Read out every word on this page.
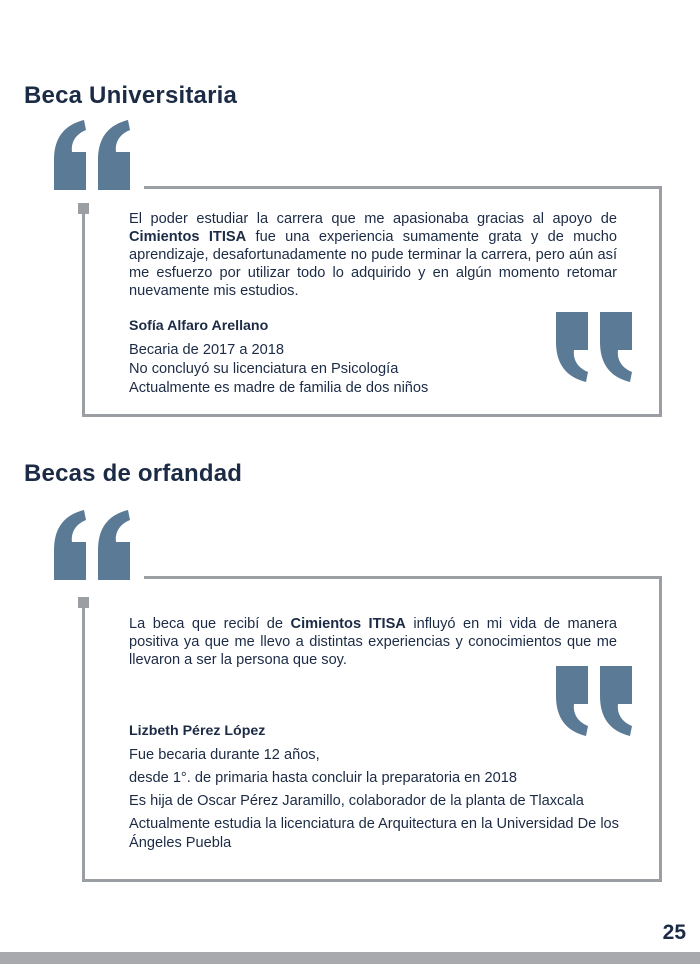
Beca Universitaria

El poder estudiar la carrera que me apasionaba gracias al apoyo de Cimientos ITISA fue una experiencia sumamente grata y de mucho aprendizaje, desafortunadamente no pude terminar la carrera, pero aún así me esfuerzo por utilizar todo lo adquirido y en algún momento retomar nuevamente mis estudios.

Sofía Alfaro Arellano

Becaria de 2017 a 2018

No concluyó su licenciatura en Psicología

Actualmente es madre de familia de dos niños

Becas de orfandad

La beca que recibí de Cimientos ITISA influyó en mi vida de manera positiva ya que me llevo a distintas experiencias y conocimientos que me llevaron a ser la persona que soy.

Lizbeth Pérez López

Fue becaria durante 12 años,

desde 1°. de primaria hasta concluir la preparatoria en 2018

Es hija de Oscar Pérez Jaramillo, colaborador de la planta de Tlaxcala

Actualmente estudia la licenciatura de Arquitectura en la Universidad De los Ángeles Puebla

25
